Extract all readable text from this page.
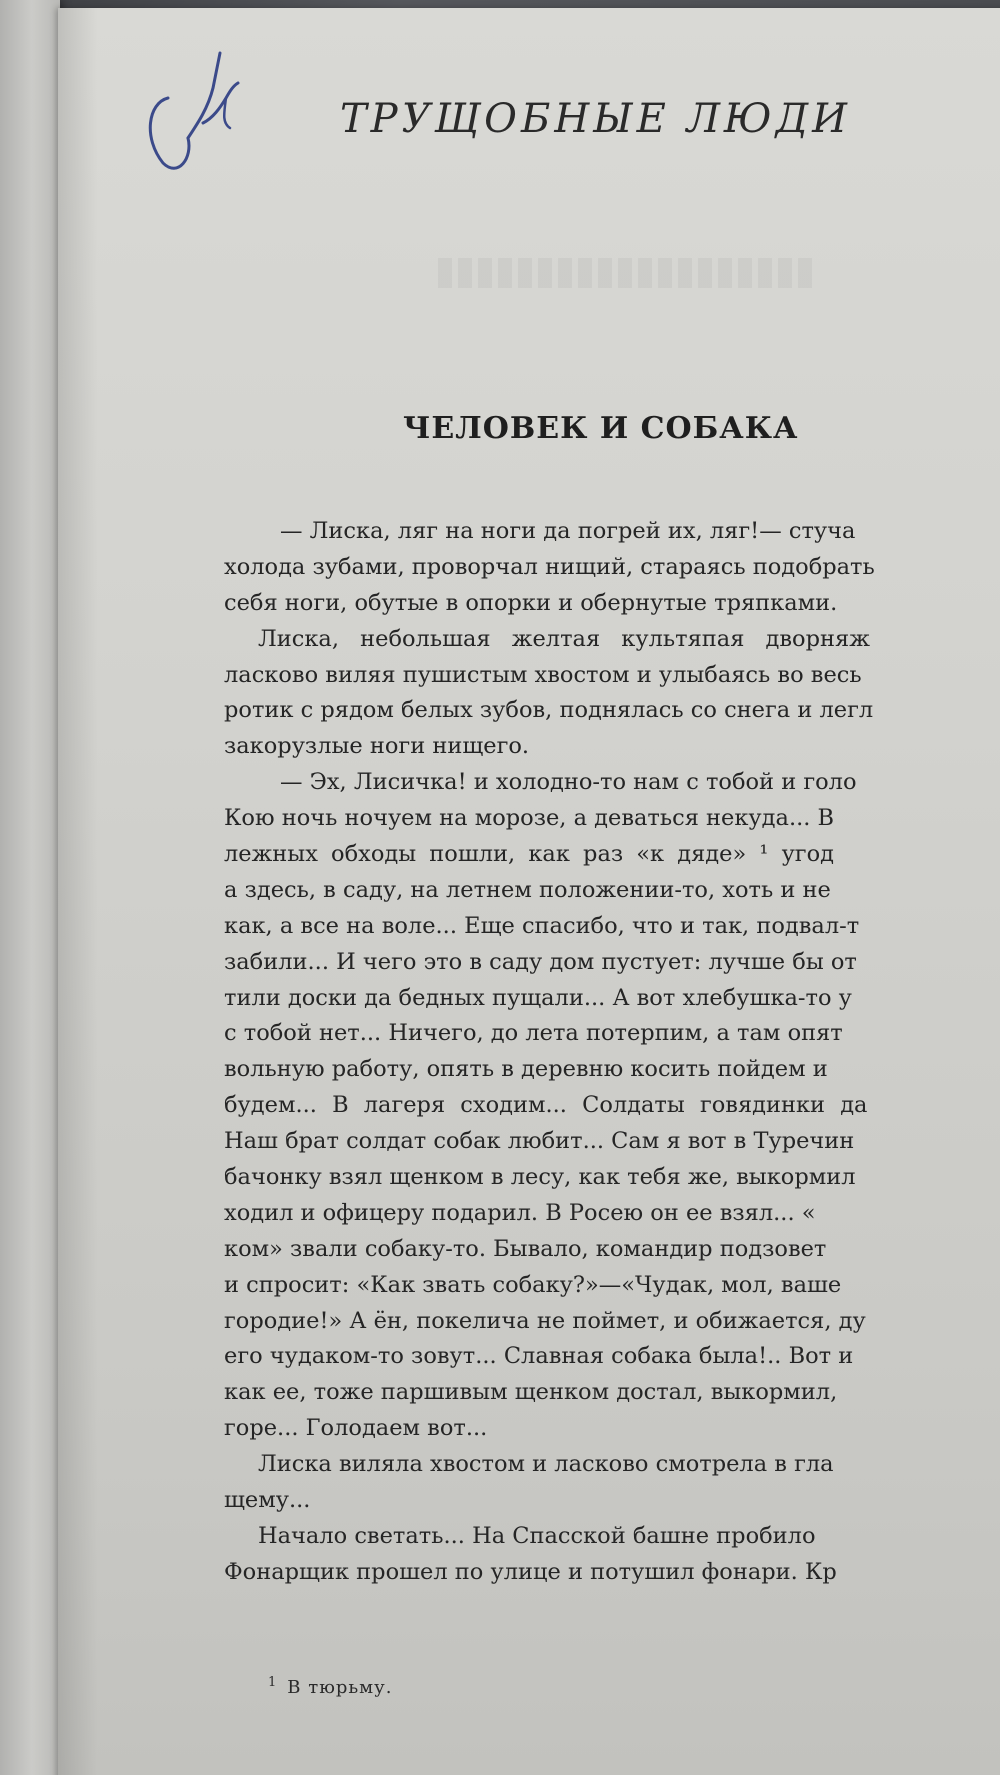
ТРУЩОБНЫЕ ЛЮДИ
ЧЕЛОВЕК И СОБАКА
— Лиска, ляг на ноги да погрей их, ляг!— стуча
холода зубами, проворчал нищий, стараясь подобрать
себя ноги, обутые в опорки и обернутые тряпками.
Лиска, небольшая желтая культяпая дворняж
ласково виляя пушистым хвостом и улыбаясь во весь
ротик с рядом белых зубов, поднялась со снега и легл
закорузлые ноги нищего.
— Эх, Лисичка! и холодно-то нам с тобой и голо
Кою ночь ночуем на морозе, а деваться некуда... В
лежных обходы пошли, как раз «к дяде» ¹ угод
а здесь, в саду, на летнем положении-то, хоть и не
как, а все на воле... Еще спасибо, что и так, подвал-т
забили... И чего это в саду дом пустует: лучше бы от
тили доски да бедных пущали... А вот хлебушка-то у
с тобой нет... Ничего, до лета потерпим, а там опят
вольную работу, опять в деревню косить пойдем и
будем... В лагеря сходим... Солдаты говядинки да
Наш брат солдат собак любит... Сам я вот в Туречин
бачонку взял щенком в лесу, как тебя же, выкормил
ходил и офицеру подарил. В Росею он ее взял... «
ком» звали собаку-то. Бывало, командир подзовет
и спросит: «Как звать собаку?»—«Чудак, мол, ваше
городие!» А ён, покелича не поймет, и обижается, ду
его чудаком-то зовут... Славная собака была!.. Вот и
как ее, тоже паршивым щенком достал, выкормил,
горе... Голодаем вот...
Лиска виляла хвостом и ласково смотрела в гла
щему...
Начало светать... На Спасской башне пробило
Фонарщик прошел по улице и потушил фонари. Кр
$^1$ В тюрьму.
